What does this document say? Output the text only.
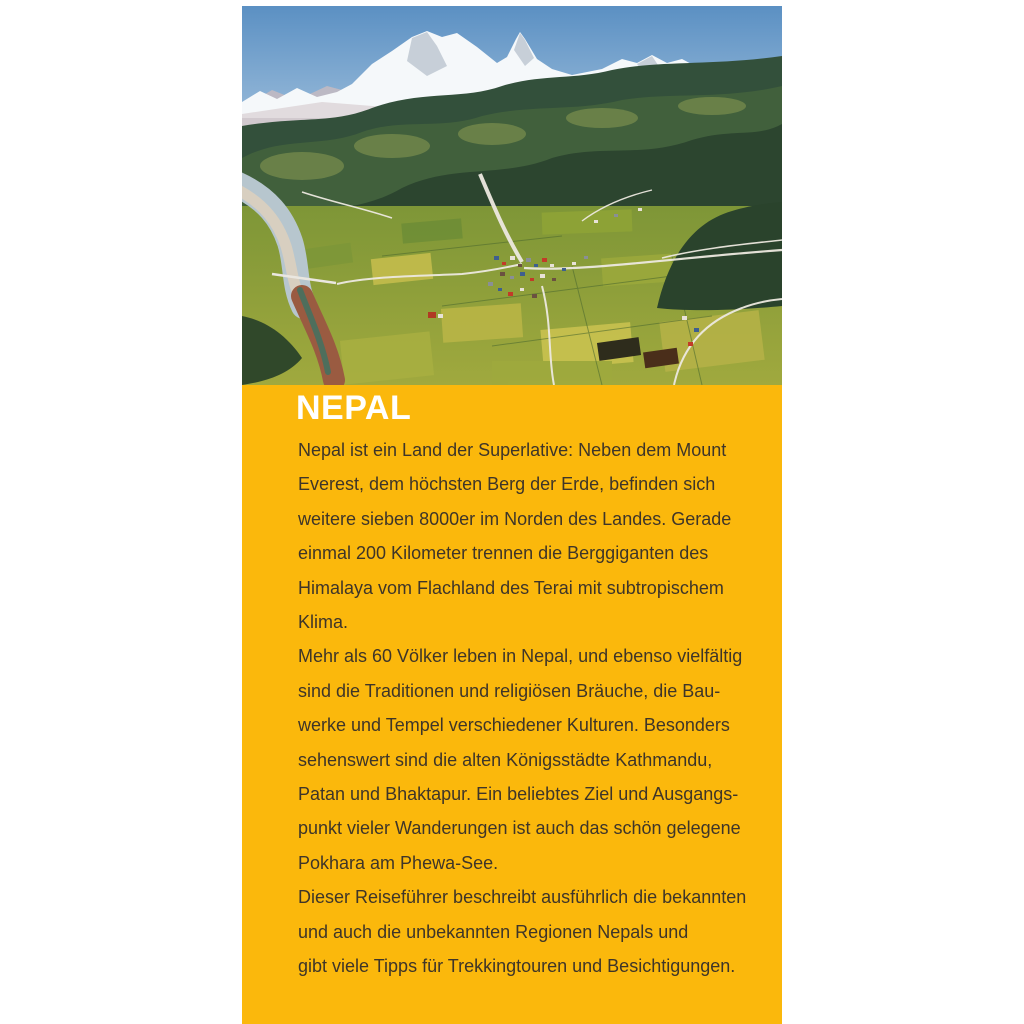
NEPAL
Nepal ist ein Land der Superlative: Neben dem Mount
Everest, dem höchsten Berg der Erde, befinden sich
weitere sieben 8000er im Norden des Landes. Gerade
einmal 200 Kilometer trennen die Berggiganten des
Himalaya vom Flachland des Terai mit subtropischem
Klima.
Mehr als 60 Völker leben in Nepal, und ebenso vielfältig
sind die Traditionen und religiösen Bräuche, die Bau-
werke und Tempel verschiedener Kulturen. Besonders
sehenswert sind die alten Königsstädte Kathmandu,
Patan und Bhaktapur. Ein beliebtes Ziel und Ausgangs-
punkt vieler Wanderungen ist auch das schön gelegene
Pokhara am Phewa-See.
Dieser Reiseführer beschreibt ausführlich die bekannten
und auch die unbekannten Regionen Nepals und
gibt viele Tipps für Trekkingtouren und Besichtigungen.
